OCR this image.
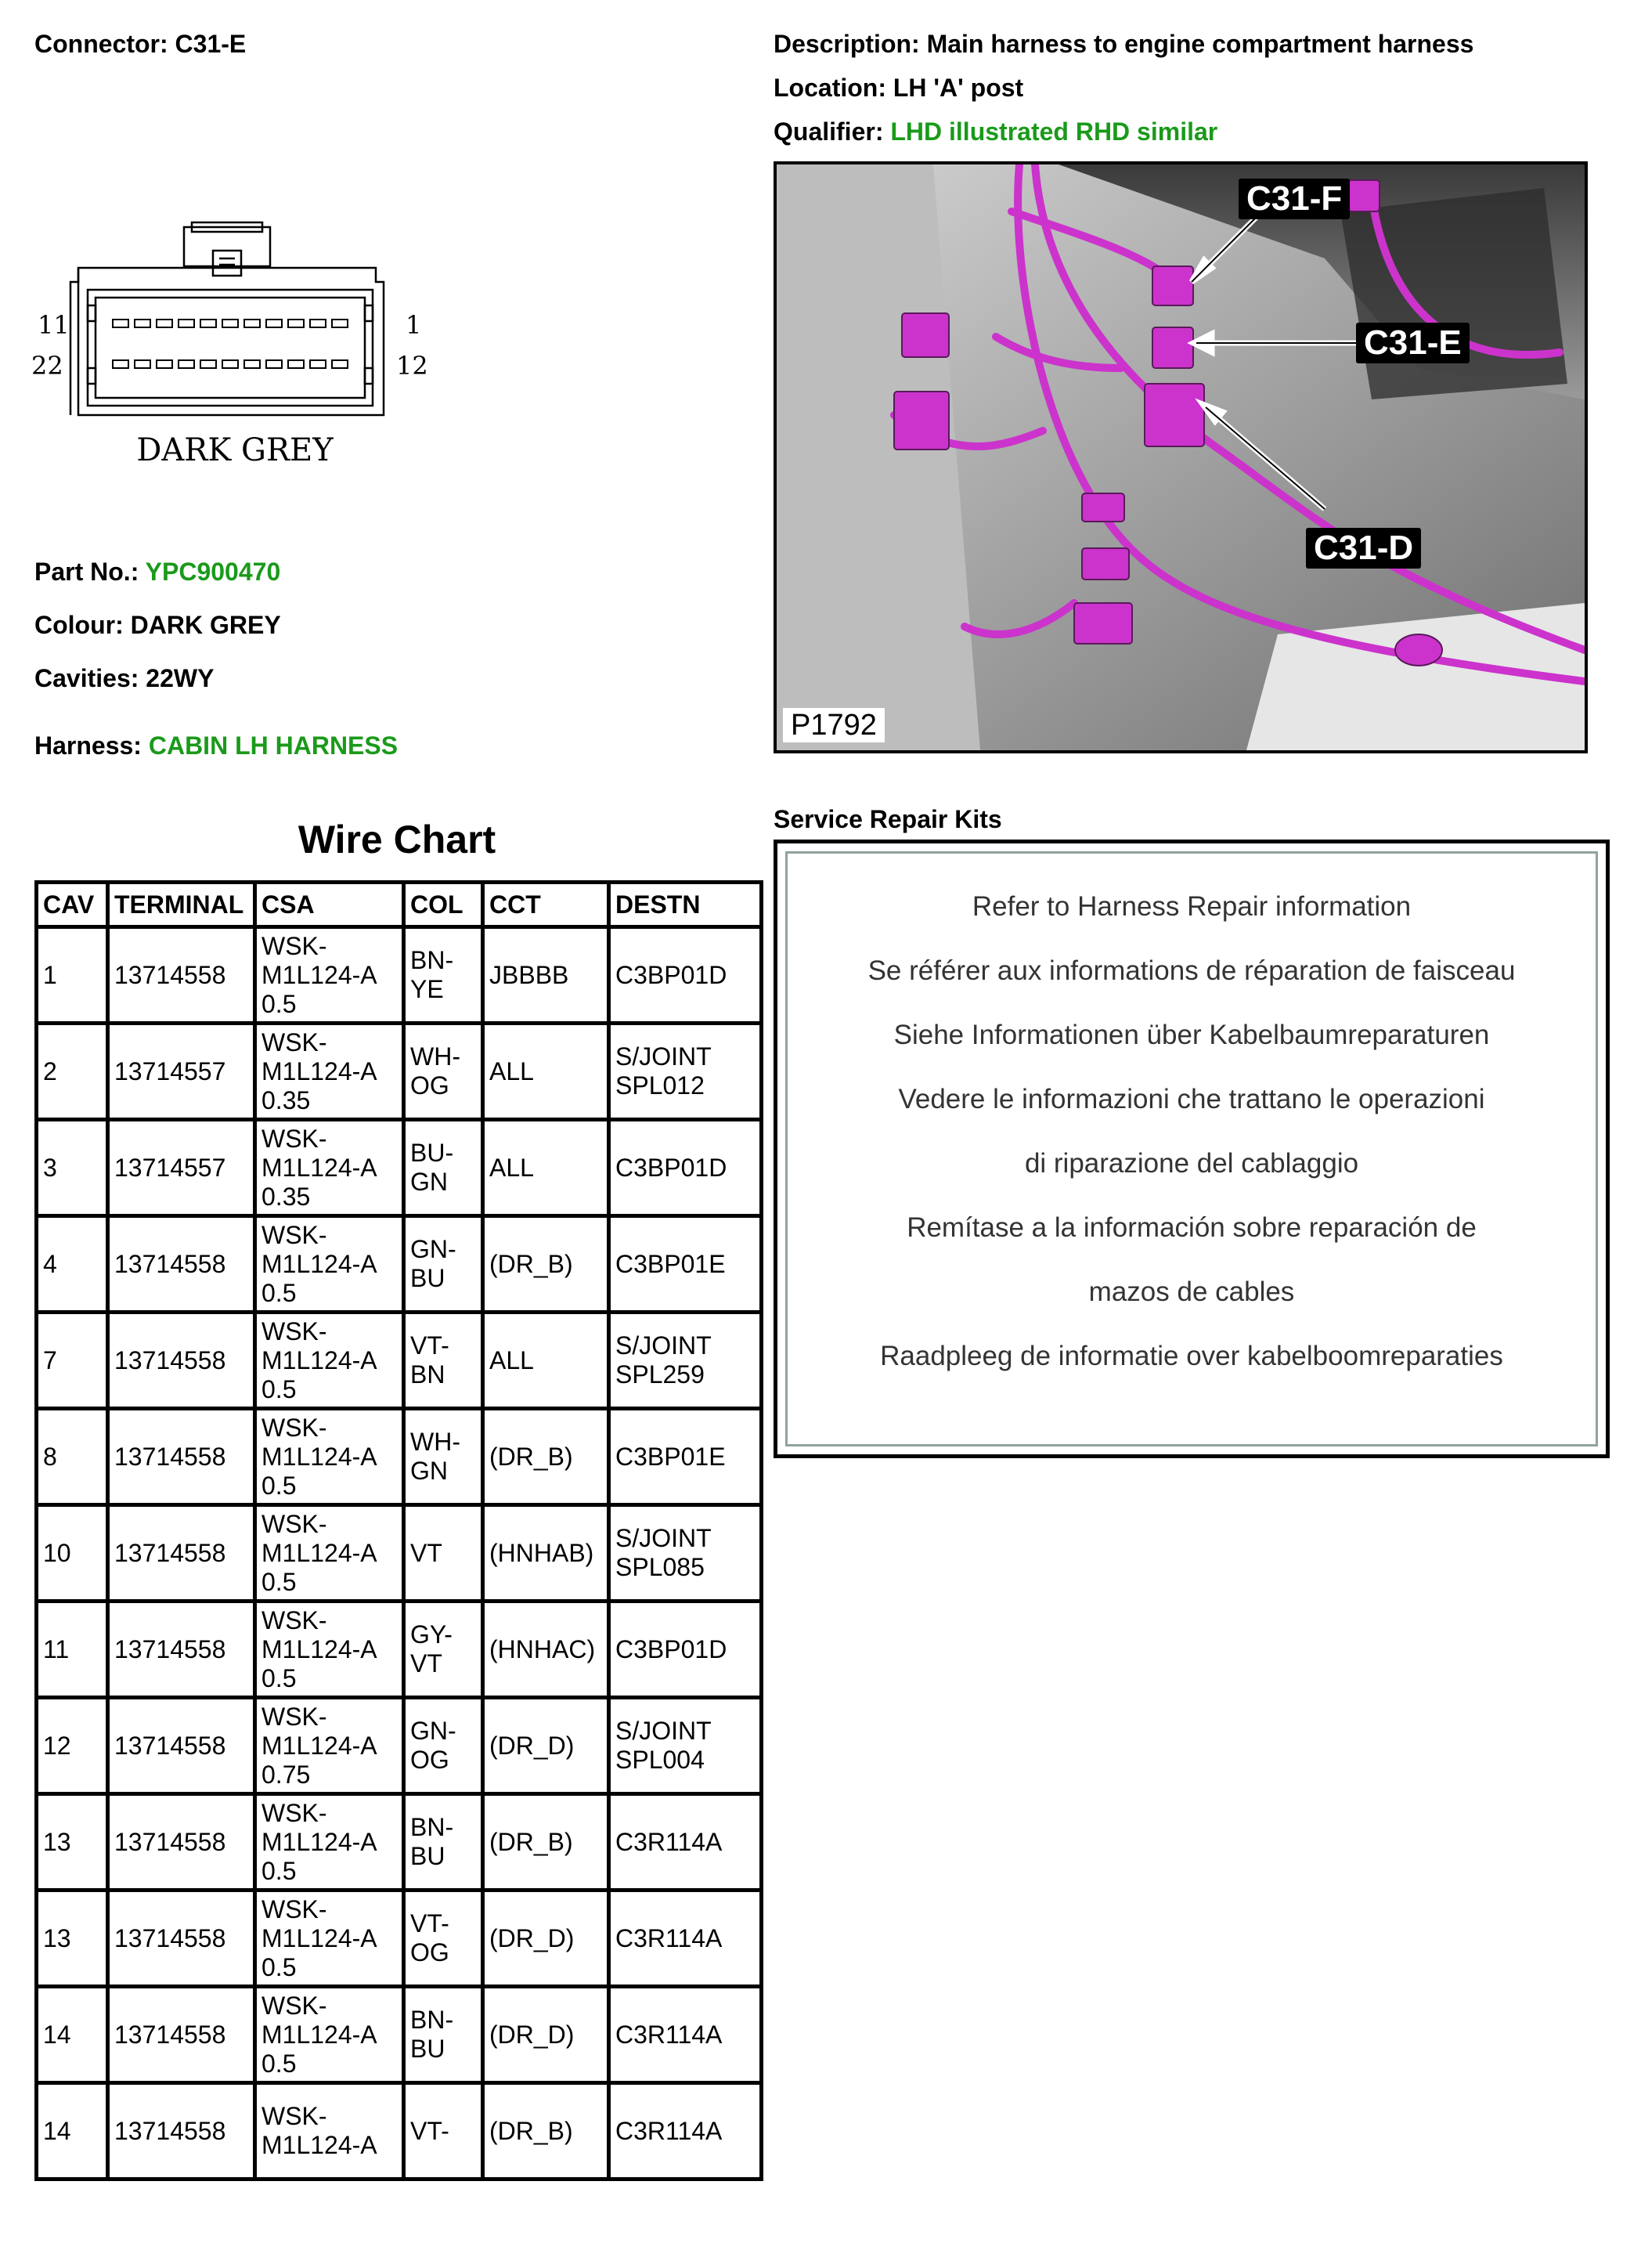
Connector: C31-E	Description: Main harness to engine compartment harness
Location: LH 'A' post
Qualifier: LHD illustrated RHD similar
11	1
22	12
DARK GREY
Part No.: YPC900470
Colour: DARK GREY
Cavities: 22WY
Harness: CABIN LH HARNESS
C31-F
C31-E
C31-D
P1792
Wire Chart
CAV	TERMINAL	CSA	COL	CCT	DESTN

1	13714558	WSK-
M1L124-A
0.5	BN-
YE	JBBBB	C3BP01D

2	13714557	WSK-
M1L124-A
0.35	WH-
OG	ALL	S/JOINT
SPL012

3	13714557	WSK-
M1L124-A
0.35	BU-
GN	ALL	C3BP01D

4	13714558	WSK-
M1L124-A
0.5	GN-
BU	(DR_B)	C3BP01E

7	13714558	WSK-
M1L124-A
0.5	VT-
BN	ALL	S/JOINT
SPL259

8	13714558	WSK-
M1L124-A
0.5	WH-
GN	(DR_B)	C3BP01E

10	13714558	WSK-
M1L124-A
0.5	VT	(HNHAB)	S/JOINT
SPL085

11	13714558	WSK-
M1L124-A
0.5	GY-
VT	(HNHAC)	C3BP01D

12	13714558	WSK-
M1L124-A
0.75	GN-
OG	(DR_D)	S/JOINT
SPL004

13	13714558	WSK-
M1L124-A
0.5	BN-
BU	(DR_B)	C3R114A

13	13714558	WSK-
M1L124-A
0.5	VT-
OG	(DR_D)	C3R114A

14	13714558	WSK-
M1L124-A
0.5	BN-
BU	(DR_D)	C3R114A

14	13714558	WSK-
M1L124-A	VT-	(DR_B)	C3R114A
Service Repair Kits
Refer to Harness Repair information
Se référer aux informations de réparation de faisceau
Siehe Informationen über Kabelbaumreparaturen
Vedere le informazioni che trattano le operazioni
di riparazione del cablaggio
Remítase a la información sobre reparación de
mazos de cables
Raadpleeg de informatie over kabelboomreparaties
